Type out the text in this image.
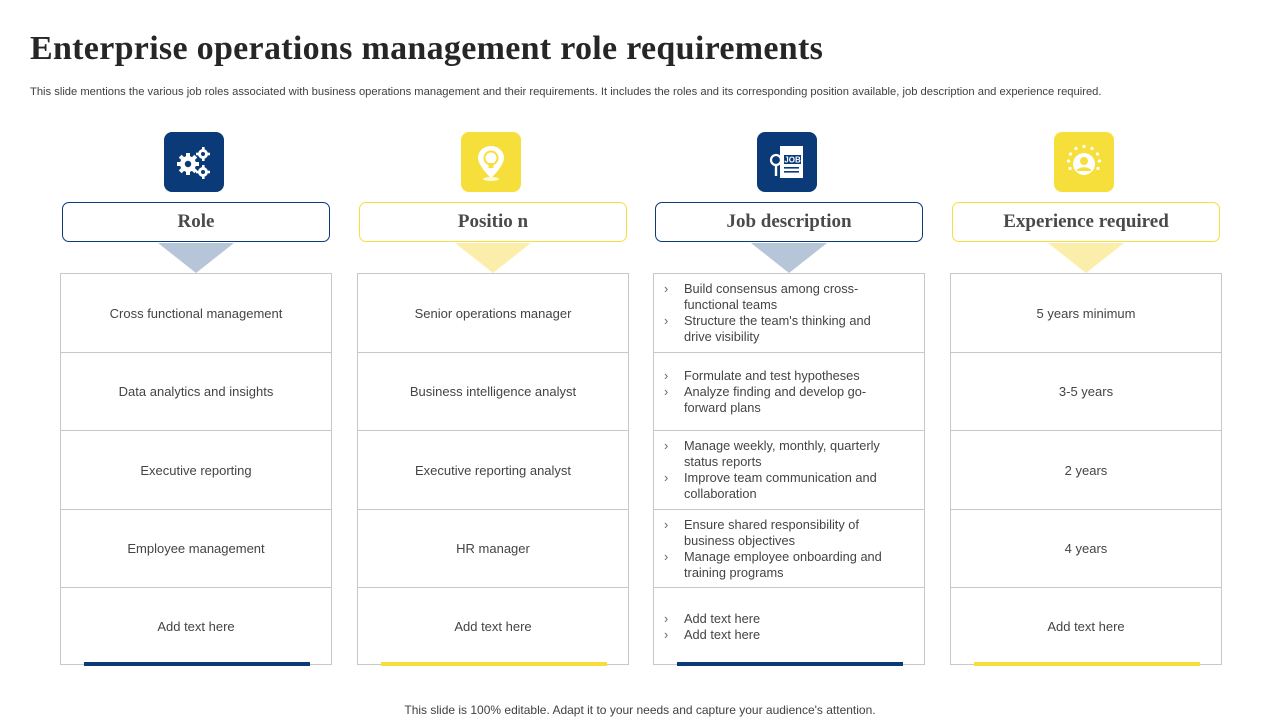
Enterprise operations management role requirements
This slide mentions the various job roles associated with business operations management and their requirements. It includes the roles and its corresponding position available, job description and experience required.
Role
Cross functional management
Data analytics and insights
Executive reporting
Employee management
Add text here
Positio n
Senior operations manager
Business intelligence analyst
Executive reporting analyst
HR manager
Add text here
JOB
Job description
› Build consensus among cross-functional teams
› Structure the team's thinking and drive visibility
› Formulate and test hypotheses
› Analyze finding and develop go-forward plans
› Manage weekly, monthly, quarterly status reports
› Improve team communication and collaboration
› Ensure shared responsibility of business objectives
› Manage employee onboarding and training programs
› Add text here
› Add text here
Experience required
5 years minimum
3-5 years
2 years
4 years
Add text here
This slide is 100% editable. Adapt it to your needs and capture your audience's attention.
